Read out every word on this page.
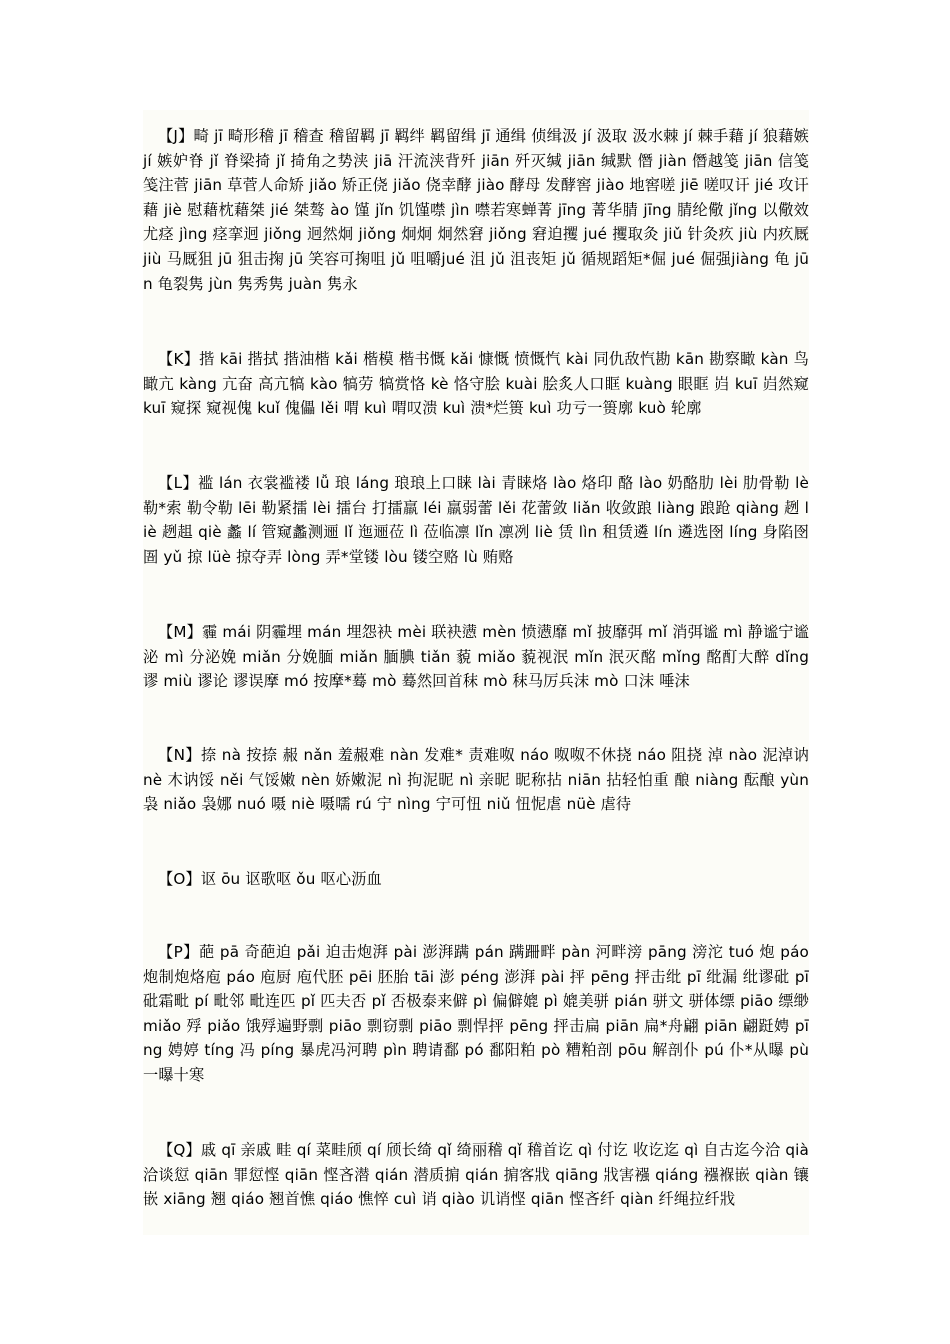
【J】畸 jī 畸形稽 jī 稽查 稽留羁 jī 羁绊 羁留缉 jī 通缉 侦缉汲 jí 汲取 汲水棘 jí 棘手藉 jí 狼藉嫉 jí 嫉妒脊 jǐ 脊梁掎 jǐ 掎角之势浃 jiā 汗流浃背歼 jiān 歼灭缄 jiān 缄默 僭 jiàn 僭越笺 jiān 信笺 笺注菅 jiān 草菅人命矫 jiǎo 矫正侥 jiǎo 侥幸酵 jiào 酵母 发酵窖 jiào 地窖嗟 jiē 嗟叹讦 jié 攻讦藉 jiè 慰藉枕藉桀 jié 桀骜 ào 馑 jǐn 饥馑噤 jìn 噤若寒蝉菁 jīng 菁华腈 jīng 腈纶儆 jǐng 以儆效尤痉 jìng 痉挛迥 jiǒng 迥然炯 jiǒng 炯炯 炯然窘 jiǒng 窘迫攫 jué 攫取灸 jiǔ 针灸疚 jiù 内疚厩 jiù 马厩狙 jū 狙击掬 jū 笑容可掬咀 jǔ 咀嚼jué 沮 jǔ 沮丧矩 jǔ 循规蹈矩*倔 jué 倔强jiàng 龟 jūn 龟裂隽 jùn 隽秀隽 juàn 隽永

【K】揩 kāi 揩拭 揩油楷 kǎi 楷模 楷书慨 kǎi 慷慨 愤慨忾 kài 同仇敌忾勘 kān 勘察瞰 kàn 鸟瞰亢 kàng 亢奋 高亢犒 kào 犒劳 犒赏恪 kè 恪守脍 kuài 脍炙人口眶 kuàng 眼眶 岿 kuī 岿然窥 kuī 窥探 窥视傀 kuǐ 傀儡 lěi 喟 kuì 喟叹溃 kuì 溃*烂篑 kuì 功亏一篑廓 kuò 轮廓

【L】褴 lán 衣裳褴褛 lǚ 琅 láng 琅琅上口睐 lài 青睐烙 lào 烙印 酪 lào 奶酪肋 lèi 肋骨勒 lè 勒*索 勒令勒 lēi 勒紧擂 lèi 擂台 打擂羸 léi 羸弱蕾 lěi 花蕾敛 liǎn 收敛踉 liàng 踉跄 qiàng 趔 liè 趔趄 qiè 蠡 lí 管窥蠡测逦 lǐ 迤逦莅 lì 莅临凛 lǐn 凛冽 liè 赁 lìn 租赁遴 lín 遴选囹 líng 身陷囹圄 yǔ 掠 lüè 掠夺弄 lòng 弄*堂镂 lòu 镂空赂 lù 贿赂

【M】霾 mái 阴霾埋 mán 埋怨袂 mèi 联袂懑 mèn 愤懑靡 mǐ 披靡弭 mǐ 消弭谧 mì 静谧宁谧泌 mì 分泌娩 miǎn 分娩腼 miǎn 腼腆 tiǎn 藐 miǎo 藐视泯 mǐn 泯灭酩 mǐng 酩酊大醉 dǐng 谬 miù 谬论 谬误摩 mó 按摩*蓦 mò 蓦然回首秣 mò 秣马厉兵沫 mò 口沫 唾沫

【N】捺 nà 按捺 赧 nǎn 羞赧难 nàn 发难* 责难呶 náo 呶呶不休挠 náo 阻挠 淖 nào 泥淖讷 nè 木讷馁 něi 气馁嫩 nèn 娇嫩泥 nì 拘泥昵 nì 亲昵 昵称拈 niān 拈轻怕重 酿 niàng 酝酿 yùn 袅 niǎo 袅娜 nuó 嗫 niè 嗫嚅 rú 宁 nìng 宁可忸 niǔ 忸怩虐 nüè 虐待

【O】讴 ōu 讴歌呕 ǒu 呕心沥血

【P】葩 pā 奇葩迫 pǎi 迫击炮湃 pài 澎湃蹒 pán 蹒跚畔 pàn 河畔滂 pāng 滂沱 tuó 炮 páo 炮制炮烙庖 páo 庖厨 庖代胚 pēi 胚胎 tāi 澎 péng 澎湃 pài 抨 pēng 抨击纰 pī 纰漏 纰谬砒 pī 砒霜毗 pí 毗邻 毗连匹 pǐ 匹夫否 pǐ 否极泰来僻 pì 偏僻媲 pì 媲美骈 pián 骈文 骈体缥 piāo 缥缈 miǎo 殍 piǎo 饿殍遍野剽 piāo 剽窃剽 piāo 剽悍抨 pēng 抨击扁 piān 扁*舟翩 piān 翩跹娉 pīng 娉婷 tíng 冯 píng 暴虎冯河聘 pìn 聘请鄱 pó 鄱阳粕 pò 糟粕剖 pōu 解剖仆 pú 仆*从曝 pù 一曝十寒

【Q】戚 qī 亲戚 畦 qí 菜畦颀 qí 颀长绮 qǐ 绮丽稽 qǐ 稽首讫 qì 付讫 收讫迄 qì 自古迄今洽 qià 洽谈愆 qiān 罪愆悭 qiān 悭吝潜 qián 潜质掮 qián 掮客戕 qiāng 戕害襁 qiáng 襁褓嵌 qiàn 镶嵌 xiāng 翘 qiáo 翘首憔 qiáo 憔悴 cuì 诮 qiào 讥诮悭 qiān 悭吝纤 qiàn 纤绳拉纤戕
